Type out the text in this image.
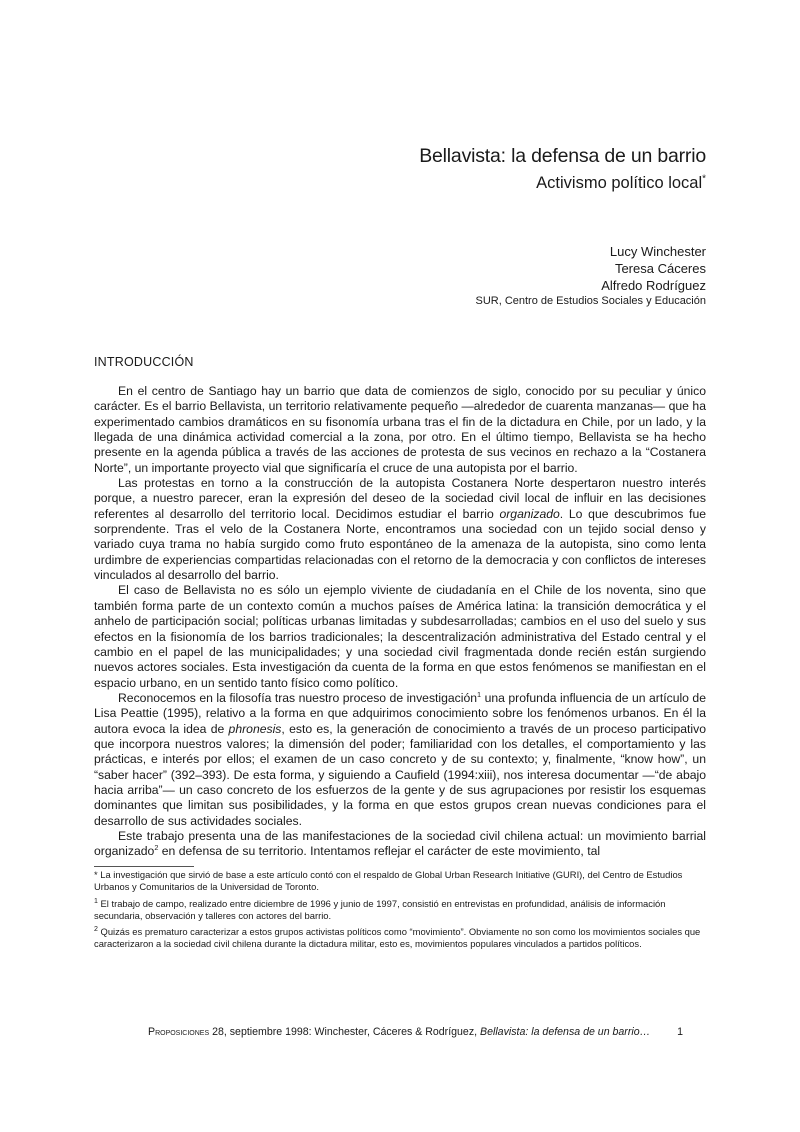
Bellavista: la defensa de un barrio
Activismo político local*
Lucy Winchester
Teresa Cáceres
Alfredo Rodríguez
SUR, Centro de Estudios Sociales y Educación
INTRODUCCIÓN

En el centro de Santiago hay un barrio que data de comienzos de siglo, conocido por su peculiar y único carácter. Es el barrio Bellavista, un territorio relativamente pequeño —alrededor de cuarenta manzanas— que ha experimentado cambios dramáticos en su fisonomía urbana tras el fin de la dictadura en Chile, por un lado, y la llegada de una dinámica actividad comercial a la zona, por otro. En el último tiempo, Bellavista se ha hecho presente en la agenda pública a través de las acciones de protesta de sus vecinos en rechazo a la “Costanera Norte”, un importante proyecto vial que significaría el cruce de una autopista por el barrio.

Las protestas en torno a la construcción de la autopista Costanera Norte despertaron nuestro interés porque, a nuestro parecer, eran la expresión del deseo de la sociedad civil local de influir en las decisiones referentes al desarrollo del territorio local. Decidimos estudiar el barrio organizado. Lo que descubrimos fue sorprendente. Tras el velo de la Costanera Norte, encontramos una sociedad con un tejido social denso y variado cuya trama no había surgido como fruto espontáneo de la amenaza de la autopista, sino como lenta urdimbre de experiencias compartidas relacionadas con el retorno de la democracia y con conflictos de intereses vinculados al desarrollo del barrio.

El caso de Bellavista no es sólo un ejemplo viviente de ciudadanía en el Chile de los noventa, sino que también forma parte de un contexto común a muchos países de América latina: la transición democrática y el anhelo de participación social; políticas urbanas limitadas y subdesarrolladas; cambios en el uso del suelo y sus efectos en la fisionomía de los barrios tradicionales; la descentralización administrativa del Estado central y el cambio en el papel de las municipalidades; y una sociedad civil fragmentada donde recién están surgiendo nuevos actores sociales. Esta investigación da cuenta de la forma en que estos fenómenos se manifiestan en el espacio urbano, en un sentido tanto físico como político.

Reconocemos en la filosofía tras nuestro proceso de investigación$^1$ una profunda influencia de un artículo de Lisa Peattie (1995), relativo a la forma en que adquirimos conocimiento sobre los fenómenos urbanos. En él la autora evoca la idea de phronesis, esto es, la generación de conocimiento a través de un proceso participativo que incorpora nuestros valores; la dimensión del poder; familiaridad con los detalles, el comportamiento y las prácticas, e interés por ellos; el examen de un caso concreto y de su contexto; y, finalmente, “know how”, un “saber hacer” (392–393). De esta forma, y siguiendo a Caufield (1994:xiii), nos interesa documentar —“de abajo hacia arriba”— un caso concreto de los esfuerzos de la gente y de sus agrupaciones por resistir los esquemas dominantes que limitan sus posibilidades, y la forma en que estos grupos crean nuevas condiciones para el desarrollo de sus actividades sociales.

Este trabajo presenta una de las manifestaciones de la sociedad civil chilena actual: un movimiento barrial organizado$^2$ en defensa de su territorio. Intentamos reflejar el carácter de este movimiento, tal

* La investigación que sirvió de base a este artículo contó con el respaldo de Global Urban Research Initiative (GURI), del Centro de Estudios Urbanos y Comunitarios de la Universidad de Toronto.

$^1$ El trabajo de campo, realizado entre diciembre de 1996 y junio de 1997, consistió en entrevistas en profundidad, análisis de información secundaria, observación y talleres con actores del barrio.

$^2$ Quizás es prematuro caracterizar a estos grupos activistas políticos como “movimiento”. Obviamente no son como los movimientos sociales que caracterizaron a la sociedad civil chilena durante la dictadura militar, esto es, movimientos populares vinculados a partidos políticos.

Proposiciones 28, septiembre 1998: Winchester, Cáceres & Rodríguez, Bellavista: la defensa de un barrio…	1
